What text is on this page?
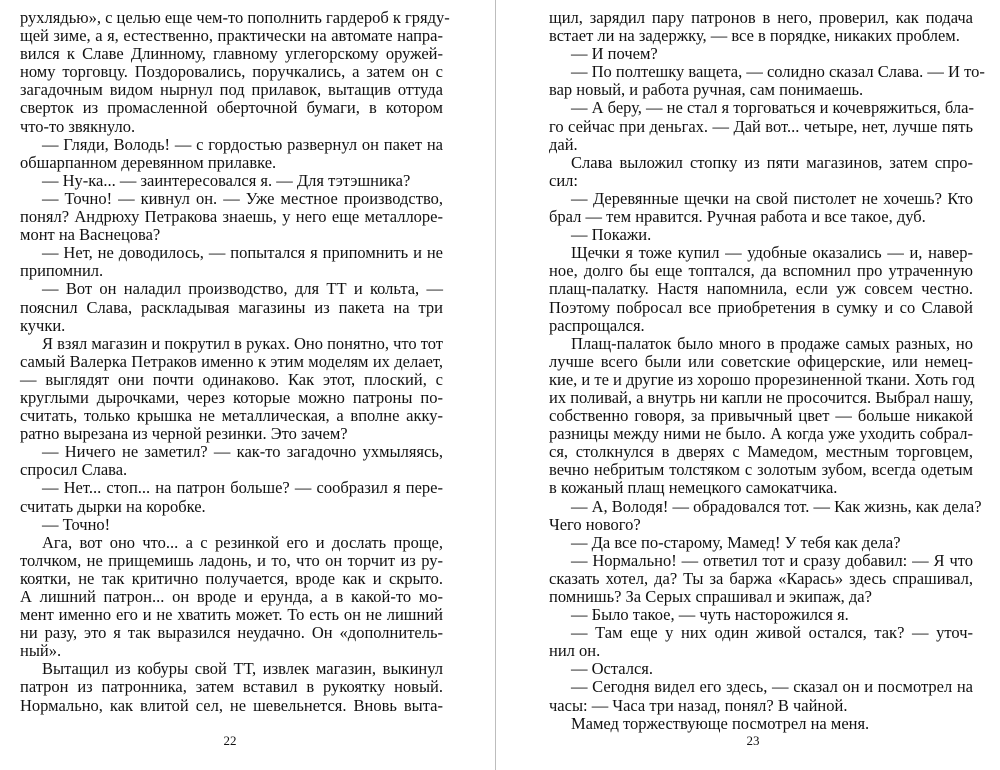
рухлядью», с целью еще чем-то пополнить гардероб к гряду-
щей зиме, а я, естественно, практически на автомате напра-
вился к Славе Длинному, главному углегорскому оружей-
ному торговцу. Поздоровались, поручкались, а затем он с
загадочным видом нырнул под прилавок, вытащив оттуда
сверток из промасленной оберточной бумаги, в котором
что-то звякнуло.
— Гляди, Володь! — с гордостью развернул он пакет на
обшарпанном деревянном прилавке.
— Ну-ка... — заинтересовался я. — Для тэтэшника?
— Точно! — кивнул он. — Уже местное производство,
понял? Андрюху Петракова знаешь, у него еще металлоре-
монт на Васнецова?
— Нет, не доводилось, — попытался я припомнить и не
припомнил.
— Вот он наладил производство, для ТТ и кольта, —
пояснил Слава, раскладывая магазины из пакета на три
кучки.
Я взял магазин и покрутил в руках. Оно понятно, что тот
самый Валерка Петраков именно к этим моделям их делает,
— выглядят они почти одинаково. Как этот, плоский, с
круглыми дырочками, через которые можно патроны по-
считать, только крышка не металлическая, а вполне акку-
ратно вырезана из черной резинки. Это зачем?
— Ничего не заметил? — как-то загадочно ухмыляясь,
спросил Слава.
— Нет... стоп... на патрон больше? — сообразил я пере-
считать дырки на коробке.
— Точно!
Ага, вот оно что... а с резинкой его и дослать проще,
толчком, не прищемишь ладонь, и то, что он торчит из ру-
коятки, не так критично получается, вроде как и скрыто.
А лишний патрон... он вроде и ерунда, а в какой-то мо-
мент именно его и не хватить может. То есть он не лишний
ни разу, это я так выразился неудачно. Он «дополнитель-
ный».
Вытащил из кобуры свой ТТ, извлек магазин, выкинул
патрон из патронника, затем вставил в рукоятку новый.
Нормально, как влитой сел, не шевельнется. Вновь выта-
22
щил, зарядил пару патронов в него, проверил, как подача
встает ли на задержку, — все в порядке, никаких проблем.
— И почем?
— По полтешку ващета, — солидно сказал Слава. — И то-
вар новый, и работа ручная, сам понимаешь.
— А беру, — не стал я торговаться и кочевряжиться, бла-
го сейчас при деньгах. — Дай вот... четыре, нет, лучше пять
дай.
Слава выложил стопку из пяти магазинов, затем спро-
сил:
— Деревянные щечки на свой пистолет не хочешь? Кто
брал — тем нравится. Ручная работа и все такое, дуб.
— Покажи.
Щечки я тоже купил — удобные оказались — и, навер-
ное, долго бы еще топтался, да вспомнил про утраченную
плащ-палатку. Настя напомнила, если уж совсем честно.
Поэтому побросал все приобретения в сумку и со Славой
распрощался.
Плащ-палаток было много в продаже самых разных, но
лучше всего были или советские офицерские, или немец-
кие, и те и другие из хорошо прорезиненной ткани. Хоть год
их поливай, а внутрь ни капли не просочится. Выбрал нашу,
собственно говоря, за привычный цвет — больше никакой
разницы между ними не было. А когда уже уходить собрал-
ся, столкнулся в дверях с Мамедом, местным торговцем,
вечно небритым толстяком с золотым зубом, всегда одетым
в кожаный плащ немецкого самокатчика.
— А, Володя! — обрадовался тот. — Как жизнь, как дела?
Чего нового?
— Да все по-старому, Мамед! У тебя как дела?
— Нормально! — ответил тот и сразу добавил: — Я что
сказать хотел, да? Ты за баржа «Карась» здесь спрашивал,
помнишь? За Серых спрашивал и экипаж, да?
— Было такое, — чуть насторожился я.
— Там еще у них один живой остался, так? — уточ-
нил он.
— Остался.
— Сегодня видел его здесь, — сказал он и посмотрел на
часы: — Часа три назад, понял? В чайной.
Мамед торжествующе посмотрел на меня.
23
